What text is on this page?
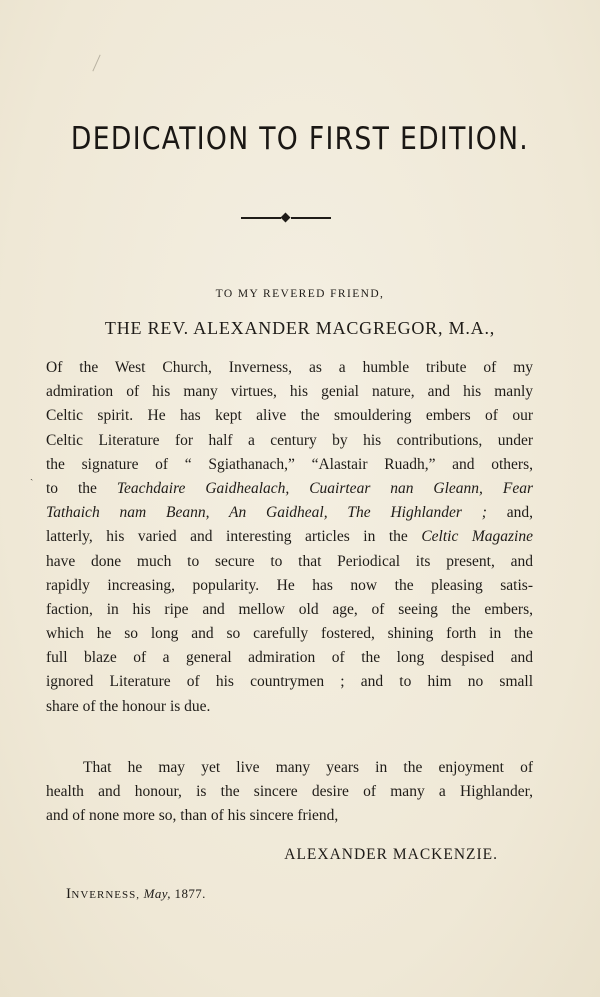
DEDICATION TO FIRST EDITION.
TO MY REVERED FRIEND,
THE REV. ALEXANDER MACGREGOR, M.A.,
ˎ
Of the West Church, Inverness, as a humble tribute of my
admiration of his many virtues, his genial nature, and his manly
Celtic spirit. He has kept alive the smouldering embers of our
Celtic Literature for half a century by his contributions, under
the signature of “ Sgiathanach,” “Alastair Ruadh,” and others,
to the Teachdaire Gaidhealach, Cuairtear nan Gleann, Fear
Tathaich nam Beann, An Gaidheal, The Highlander ; and,
latterly, his varied and interesting articles in the Celtic Magazine
have done much to secure to that Periodical its present, and
rapidly increasing, popularity. He has now the pleasing satis-
faction, in his ripe and mellow old age, of seeing the embers,
which he so long and so carefully fostered, shining forth in the
full blaze of a general admiration of the long despised and
ignored Literature of his countrymen ; and to him no small
share of the honour is due.
That he may yet live many years in the enjoyment of
health and honour, is the sincere desire of many a Highlander,
and of none more so, than of his sincere friend,
ALEXANDER MACKENZIE.
INVERNESS, May, 1877.
